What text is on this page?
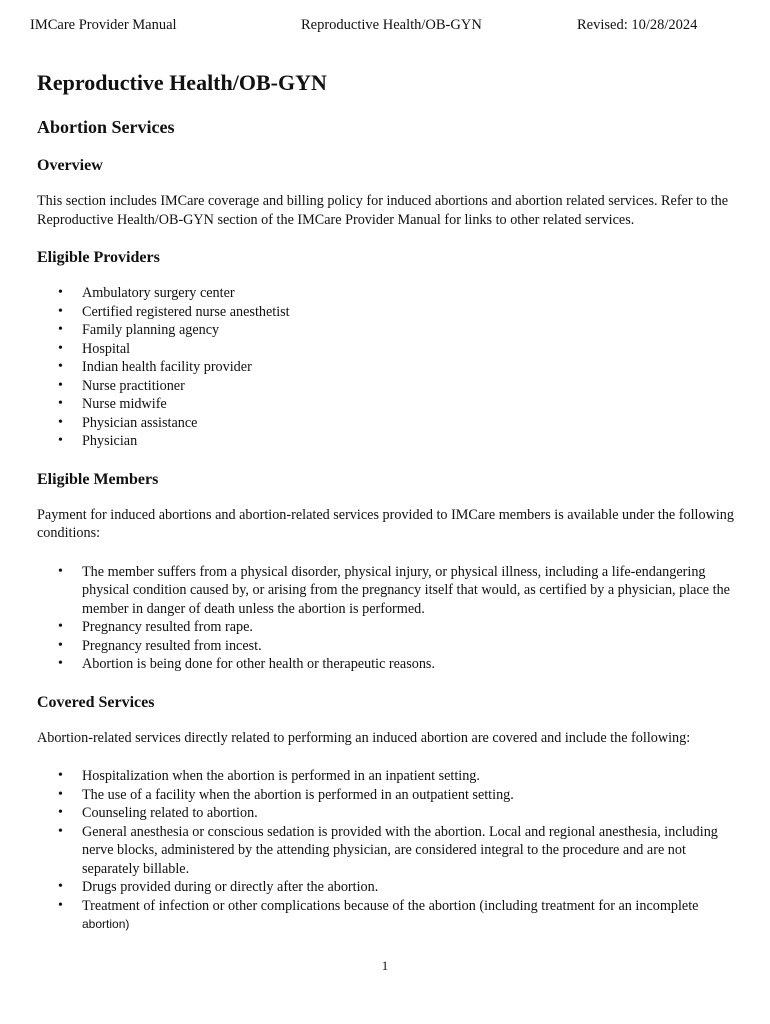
IMCare Provider Manual	Reproductive Health/OB-GYN	Revised: 10/28/2024
Reproductive Health/OB-GYN
Abortion Services
Overview

This section includes IMCare coverage and billing policy for induced abortions and abortion related services. Refer to the Reproductive Health/OB-GYN section of the IMCare Provider Manual for links to other related services.

Eligible Providers
• Ambulatory surgery center
• Certified registered nurse anesthetist
• Family planning agency
• Hospital
• Indian health facility provider
• Nurse practitioner
• Nurse midwife
• Physician assistance
• Physician
Eligible Members

Payment for induced abortions and abortion-related services provided to IMCare members is available under the following conditions:

• The member suffers from a physical disorder, physical injury, or physical illness, including a life-endangering physical condition caused by, or arising from the pregnancy itself that would, as certified by a physician, place the member in danger of death unless the abortion is performed.
• Pregnancy resulted from rape.
• Pregnancy resulted from incest.
• Abortion is being done for other health or therapeutic reasons.
Covered Services

Abortion-related services directly related to performing an induced abortion are covered and include the following:

• Hospitalization when the abortion is performed in an inpatient setting.
• The use of a facility when the abortion is performed in an outpatient setting.
• Counseling related to abortion.
• General anesthesia or conscious sedation is provided with the abortion. Local and regional anesthesia, including nerve blocks, administered by the attending physician, are considered integral to the procedure and are not separately billable.
• Drugs provided during or directly after the abortion.
• Treatment of infection or other complications because of the abortion (including treatment for an incomplete
abortion)
1
